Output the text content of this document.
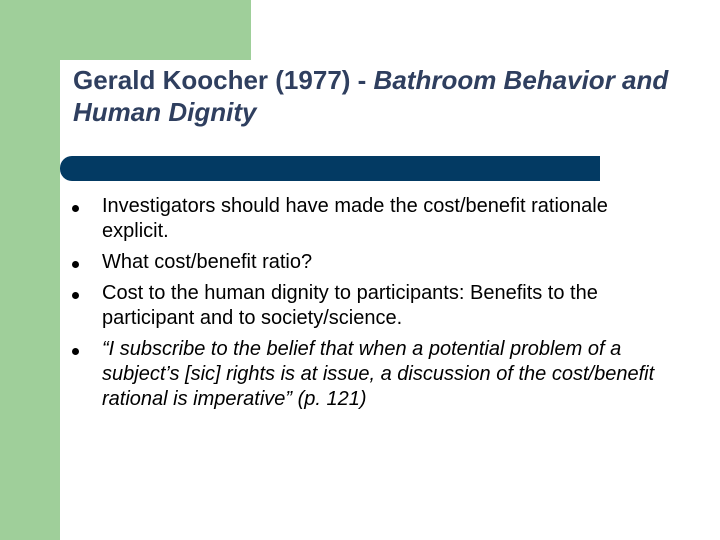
Gerald Koocher (1977) - Bathroom Behavior and Human Dignity
Investigators should have made the cost/benefit rationale explicit.
What cost/benefit ratio?
Cost to the human dignity to participants: Benefits to the participant and to society/science.
“I subscribe to the belief that when a potential problem of a subject’s [sic] rights is at issue, a discussion of the cost/benefit rational is imperative” (p. 121)
